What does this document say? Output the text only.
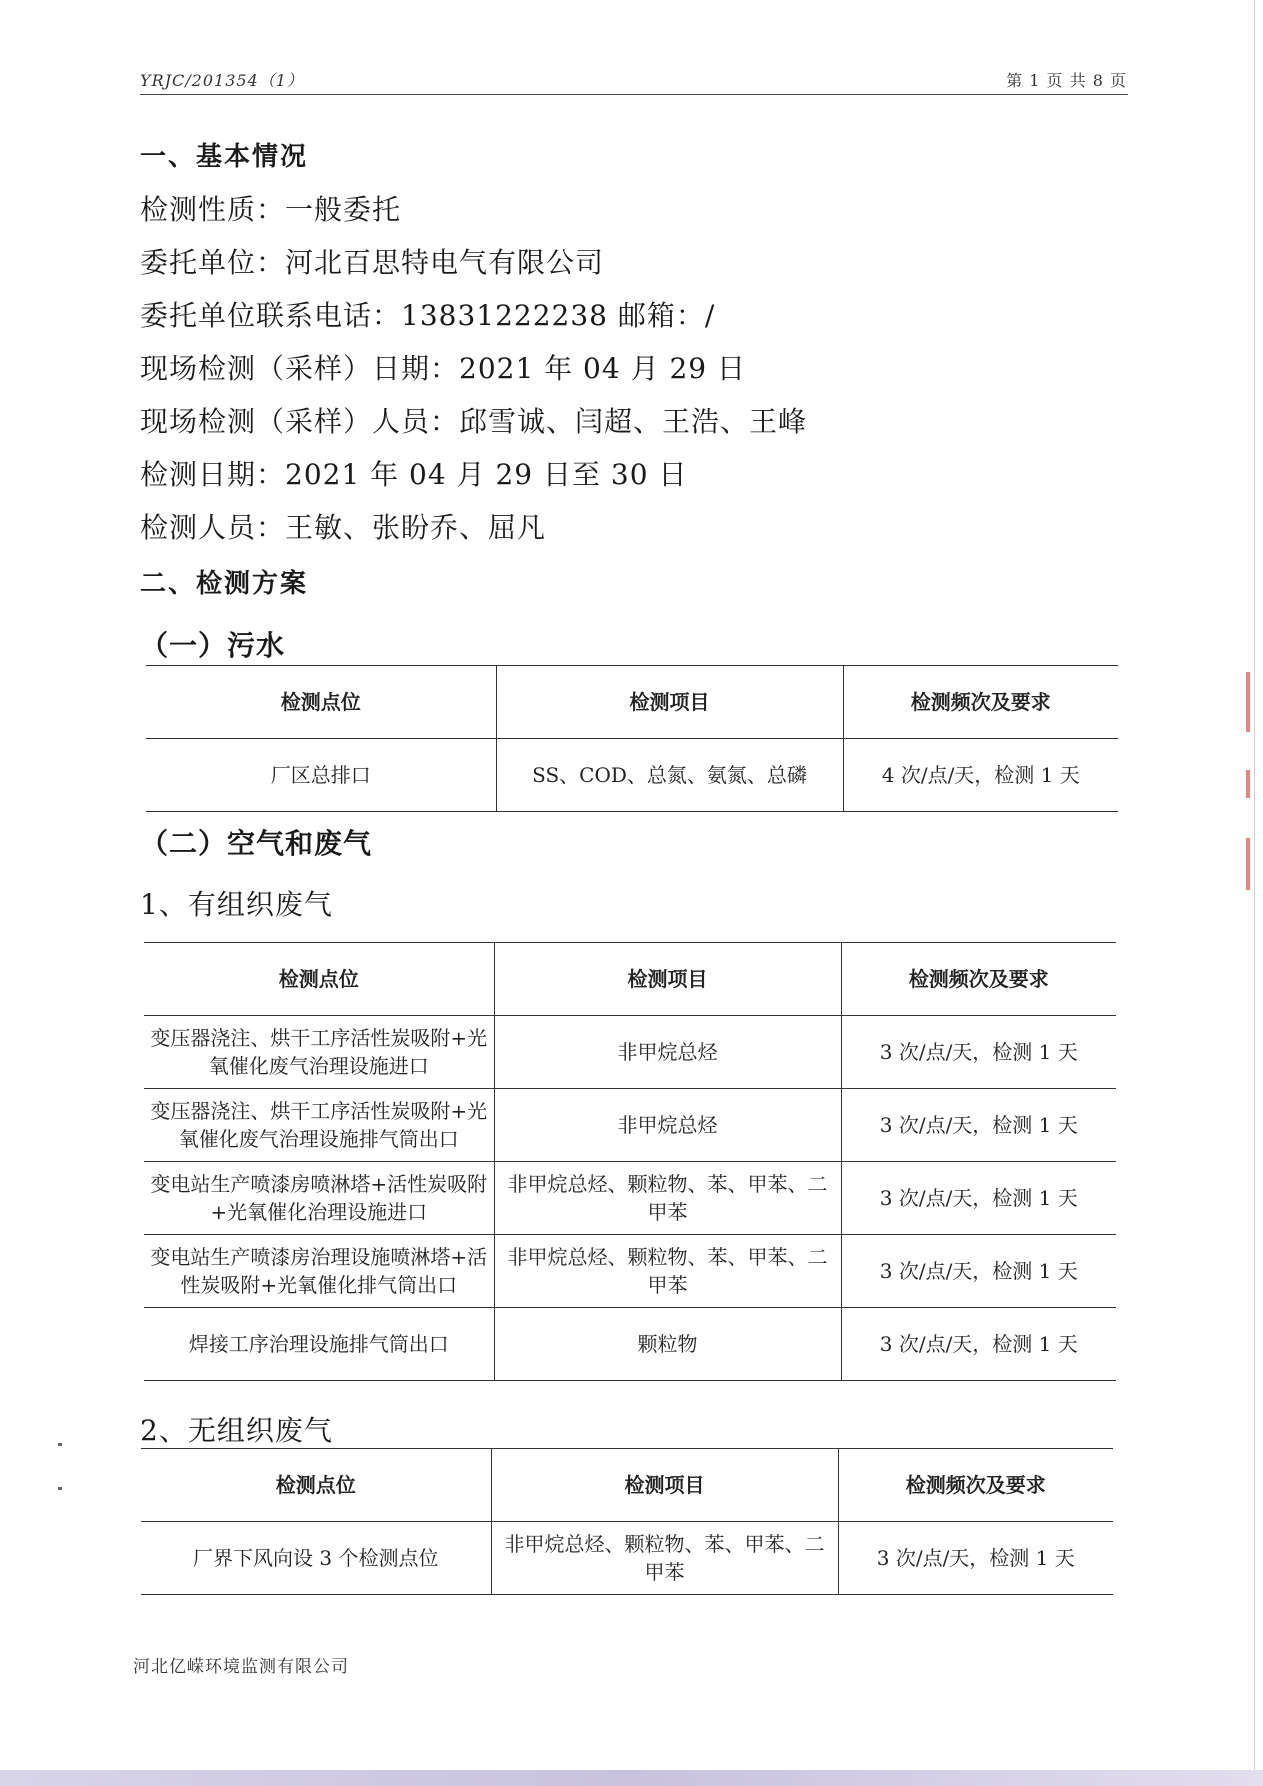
YRJC/201354（1）	第 1 页 共 8 页
一、基本情况
检测性质：一般委托
委托单位：河北百思特电气有限公司
委托单位联系电话：13831222238 邮箱：/
现场检测（采样）日期：2021 年 04 月 29 日
现场检测（采样）人员：邱雪诚、闫超、王浩、王峰
检测日期：2021 年 04 月 29 日至 30 日
检测人员：王敏、张盼乔、屈凡
二、检测方案
（一）污水
检测点位	检测项目	检测频次及要求
厂区总排口	SS、COD、总氮、氨氮、总磷	4 次/点/天，检测 1 天
（二）空气和废气
1、有组织废气
检测点位	检测项目	检测频次及要求
变压器浇注、烘干工序活性炭吸附+光氧催化废气治理设施进口	非甲烷总烃	3 次/点/天，检测 1 天
变压器浇注、烘干工序活性炭吸附+光氧催化废气治理设施排气筒出口	非甲烷总烃	3 次/点/天，检测 1 天
变电站生产喷漆房喷淋塔+活性炭吸附+光氧催化治理设施进口	非甲烷总烃、颗粒物、苯、甲苯、二甲苯	3 次/点/天，检测 1 天
变电站生产喷漆房治理设施喷淋塔+活性炭吸附+光氧催化排气筒出口	非甲烷总烃、颗粒物、苯、甲苯、二甲苯	3 次/点/天，检测 1 天
焊接工序治理设施排气筒出口	颗粒物	3 次/点/天，检测 1 天
2、无组织废气
检测点位	检测项目	检测频次及要求
厂界下风向设 3 个检测点位	非甲烷总烃、颗粒物、苯、甲苯、二甲苯	3 次/点/天，检测 1 天
河北亿嵘环境监测有限公司
